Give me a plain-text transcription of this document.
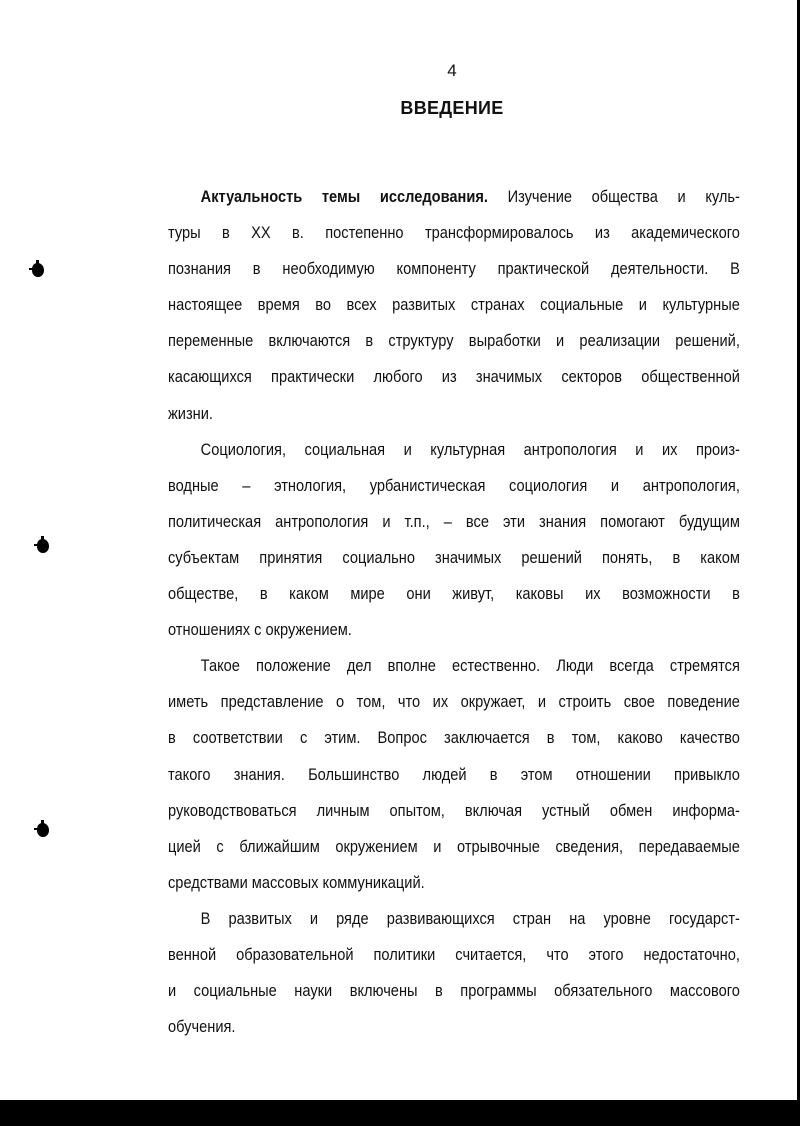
4
ВВЕДЕНИЕ
Актуальность темы исследования. Изучение общества и куль-
туры в XX в. постепенно трансформировалось из академического
познания в необходимую компоненту практической деятельности. В
настоящее время во всех развитых странах социальные и культурные
переменные включаются в структуру выработки и реализации решений,
касающихся практически любого из значимых секторов общественной
жизни.
Социология, социальная и культурная антропология и их произ-
водные – этнология, урбанистическая социология и антропология,
политическая антропология и т.п., – все эти знания помогают будущим
субъектам принятия социально значимых решений понять, в каком
обществе, в каком мире они живут, каковы их возможности в
отношениях с окружением.
Такое положение дел вполне естественно. Люди всегда стремятся
иметь представление о том, что их окружает, и строить свое поведение
в соответствии с этим. Вопрос заключается в том, каково качество
такого знания. Большинство людей в этом отношении привыкло
руководствоваться личным опытом, включая устный обмен информа-
цией с ближайшим окружением и отрывочные сведения, передаваемые
средствами массовых коммуникаций.
В развитых и ряде развивающихся стран на уровне государст-
венной образовательной политики считается, что этого недостаточно,
и социальные науки включены в программы обязательного массового
обучения.
